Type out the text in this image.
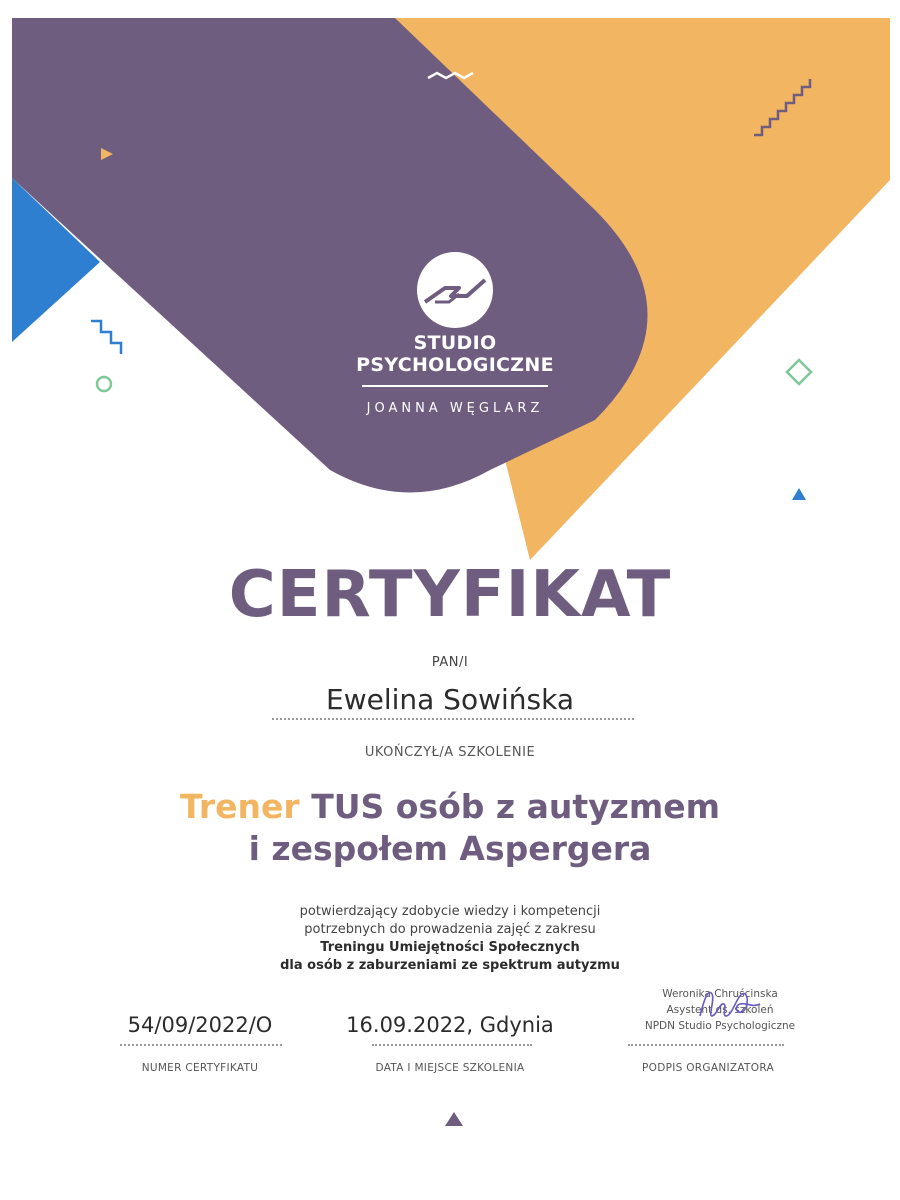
STUDIO
PSYCHOLOGICZNE
JOANNA WĘGLARZ
CERTYFIKAT
PAN/I
Ewelina Sowińska
UKOŃCZYŁ/A SZKOLENIE
Trener TUS osób z autyzmem
i zespołem Aspergera
potwierdzający zdobycie wiedzy i kompetencji
potrzebnych do prowadzenia zajęć z zakresu
Treningu Umiejętności Społecznych
dla osób z zaburzeniami ze spektrum autyzmu
54/09/2022/O
NUMER CERTYFIKATU
16.09.2022, Gdynia
DATA I MIEJSCE SZKOLENIA
Weronika Chruścinska
Asystent ds. szkoleń
NPDN Studio Psychologiczne
PODPIS ORGANIZATORA
